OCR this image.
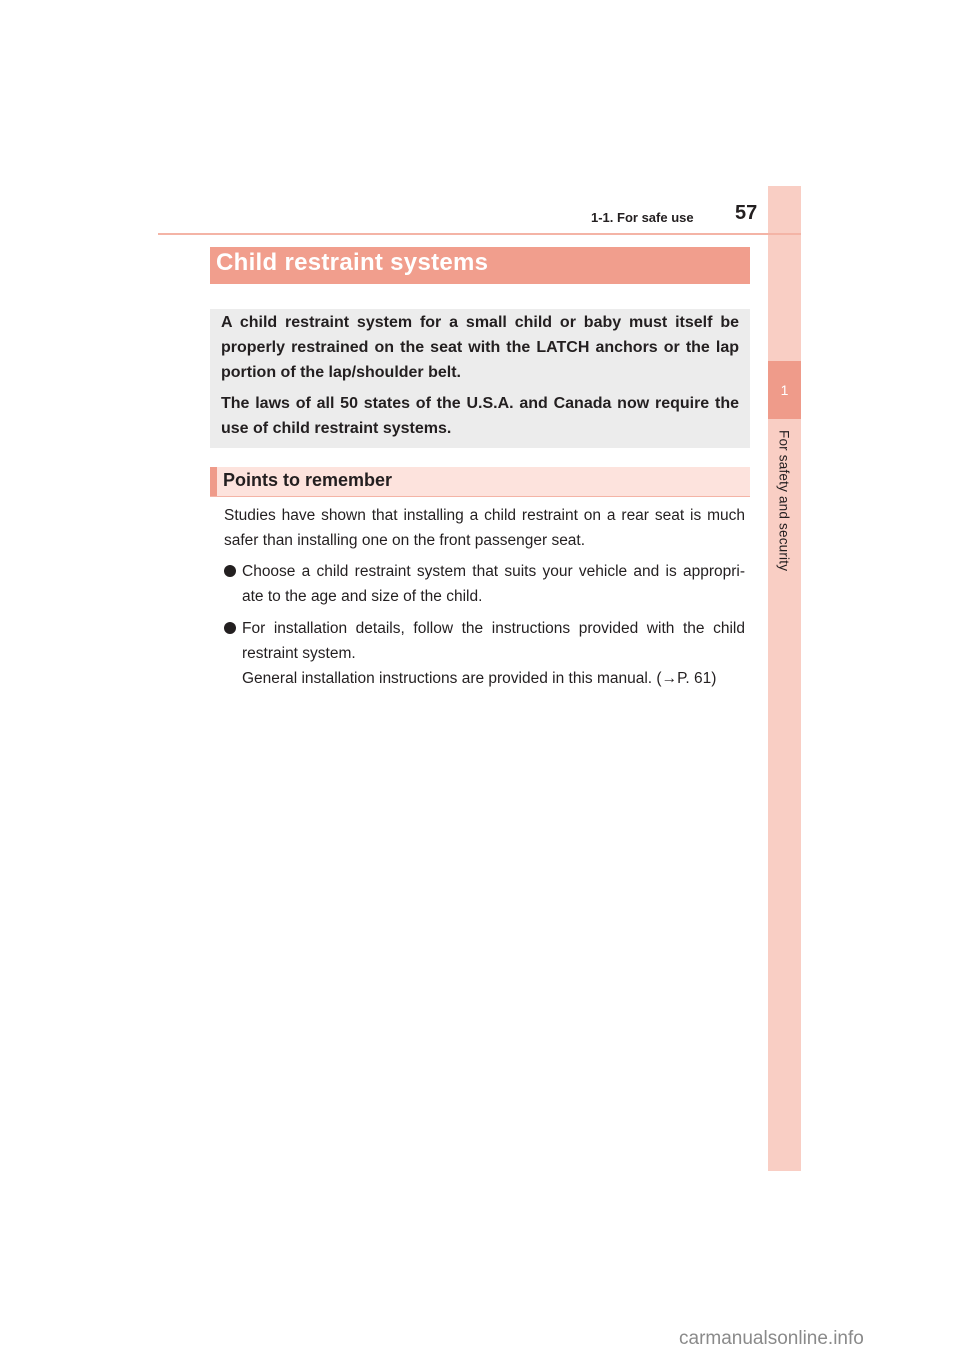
1
For safety and security
1-1. For safe use 57
Child restraint systems

A child restraint system for a small child or baby must itself be properly restrained on the seat with the LATCH anchors or the lap portion of the lap/shoulder belt.

The laws of all 50 states of the U.S.A. and Canada now require the use of child restraint systems.

Points to remember

Studies have shown that installing a child restraint on a rear seat is much safer than installing one on the front passenger seat.

Choose a child restraint system that suits your vehicle and is appropri-ate to the age and size of the child.
For installation details, follow the instructions provided with the child restraint system.
General installation instructions are provided in this manual. (→P. 61)
carmanualsonline.info
